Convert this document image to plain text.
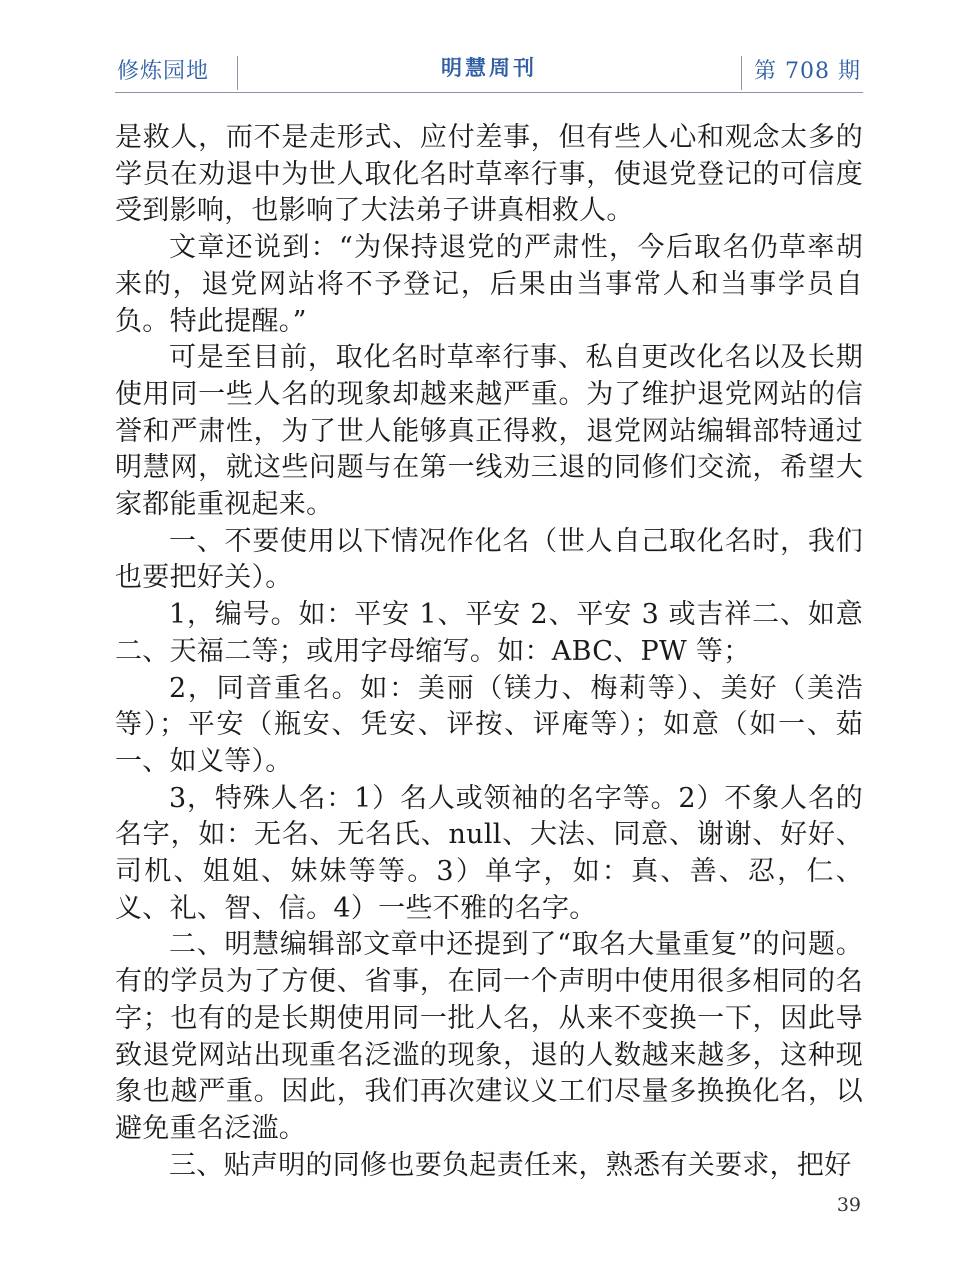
修炼园地	明慧周刊	第 708 期

是救人，而不是走形式、应付差事，但有些人心和观念太多的学员在劝退中为世人取化名时草率行事，使退党登记的可信度受到影响，也影响了大法弟子讲真相救人。

文章还说到：“为保持退党的严肃性，今后取名仍草率胡来的，退党网站将不予登记，后果由当事常人和当事学员自负。特此提醒。”

可是至目前，取化名时草率行事、私自更改化名以及长期使用同一些人名的现象却越来越严重。为了维护退党网站的信誉和严肃性，为了世人能够真正得救，退党网站编辑部特通过明慧网，就这些问题与在第一线劝三退的同修们交流，希望大家都能重视起来。

一、不要使用以下情况作化名（世人自己取化名时，我们也要把好关）。

1，编号。如：平安 1、平安 2、平安 3 或吉祥二、如意二、天福二等；或用字母缩写。如：ABC、PW 等；

2，同音重名。如：美丽（镁力、梅莉等）、美好（美浩等）；平安（瓶安、凭安、评按、评庵等）；如意（如一、茹一、如义等）。

3，特殊人名：1）名人或领袖的名字等。2）不象人名的名字，如：无名、无名氏、null、大法、同意、谢谢、好好、司机、姐姐、妹妹等等。3）单字，如：真、善、忍，仁、义、礼、智、信。4）一些不雅的名字。

二、明慧编辑部文章中还提到了“取名大量重复”的问题。有的学员为了方便、省事，在同一个声明中使用很多相同的名字；也有的是长期使用同一批人名，从来不变换一下，因此导致退党网站出现重名泛滥的现象，退的人数越来越多，这种现象也越严重。因此，我们再次建议义工们尽量多换换化名，以避免重名泛滥。

三、贴声明的同修也要负起责任来，熟悉有关要求，把好

39
